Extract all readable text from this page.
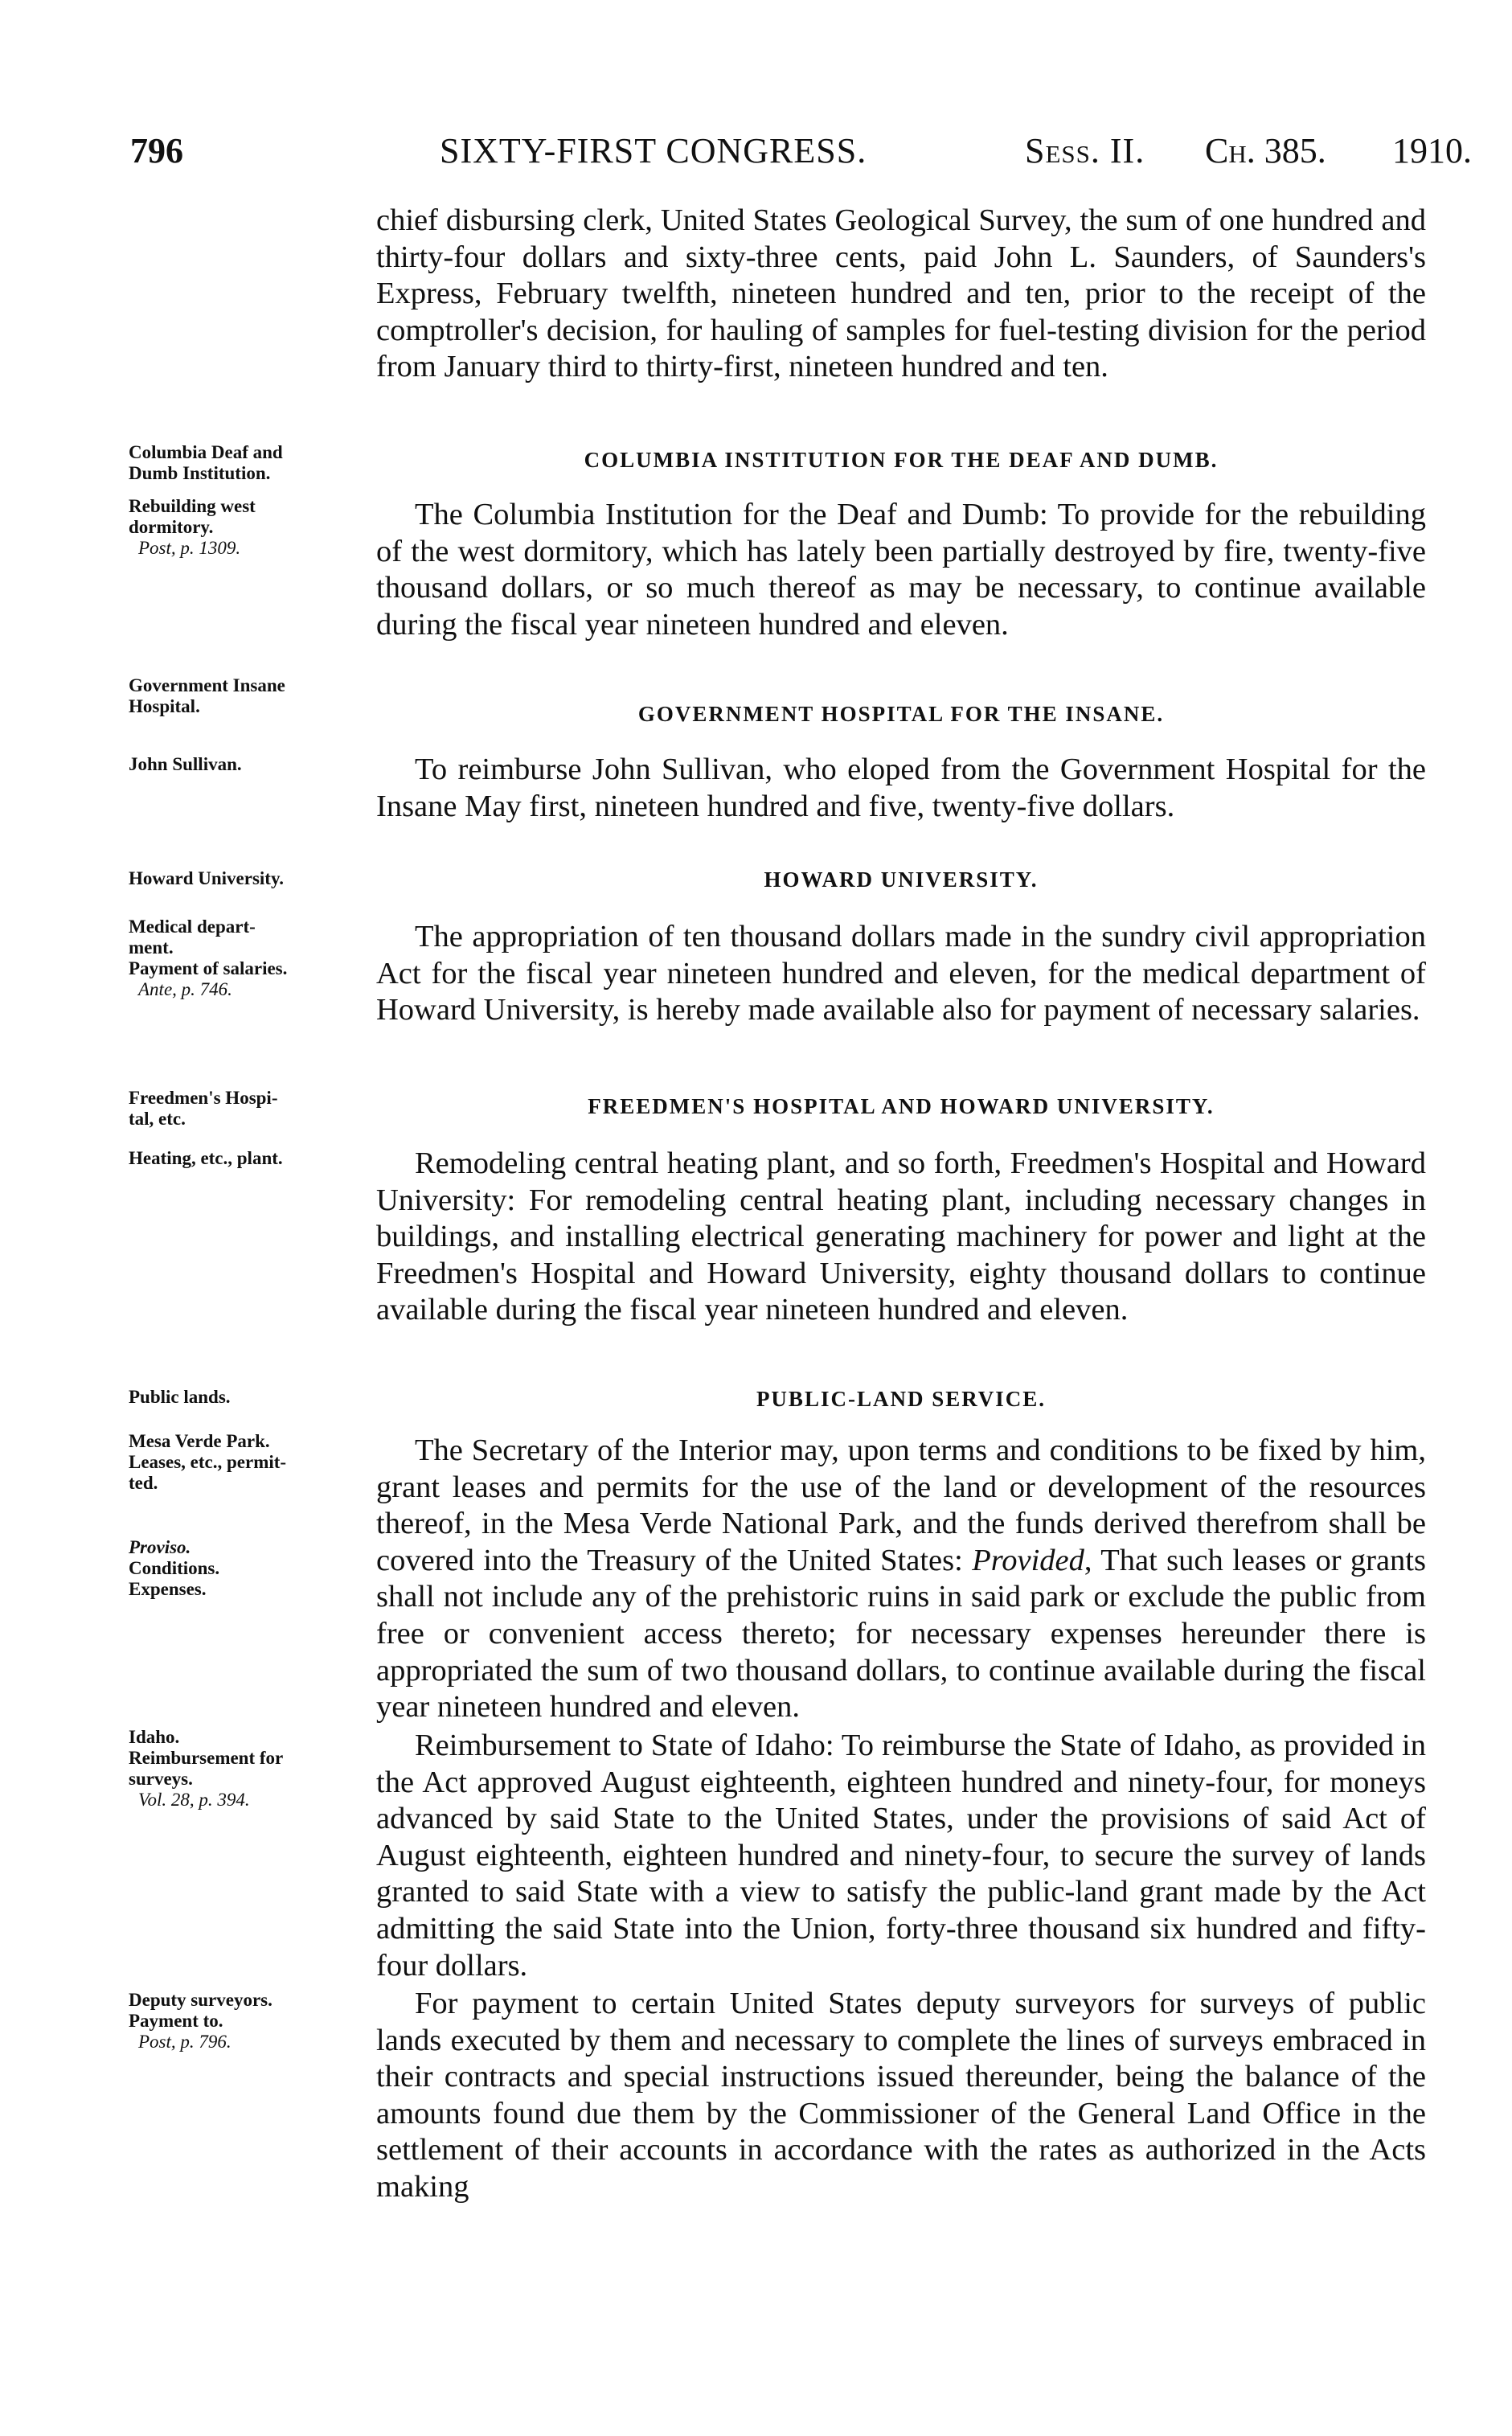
796	SIXTY-FIRST CONGRESS.	Sess. II. Ch. 385. 1910.
chief disbursing clerk, United States Geological Survey, the sum of one hundred and thirty-four dollars and sixty-three cents, paid John L. Saunders, of Saunders's Express, February twelfth, nineteen hundred and ten, prior to the receipt of the comptroller's decision, for hauling of samples for fuel-testing division for the period from January third to thirty-first, nineteen hundred and ten.
Columbia Deaf and
Dumb Institution.
COLUMBIA INSTITUTION FOR THE DEAF AND DUMB.
Rebuilding west
dormitory.
Post, p. 1309.
The Columbia Institution for the Deaf and Dumb: To provide for the rebuilding of the west dormitory, which has lately been partially destroyed by fire, twenty-five thousand dollars, or so much thereof as may be necessary, to continue available during the fiscal year nineteen hundred and eleven.
Government Insane
Hospital.	GOVERNMENT HOSPITAL FOR THE INSANE.
John Sullivan.	To reimburse John Sullivan, who eloped from the Government Hospital for the Insane May first, nineteen hundred and five, twenty-five dollars.
Howard University.	HOWARD UNIVERSITY.
Medical depart-
ment.
Payment of salaries.
Ante, p. 746.
The appropriation of ten thousand dollars made in the sundry civil appropriation Act for the fiscal year nineteen hundred and eleven, for the medical department of Howard University, is hereby made available also for payment of necessary salaries.
Freedmen's Hospi-
tal, etc.
FREEDMEN'S HOSPITAL AND HOWARD UNIVERSITY.
Heating, etc., plant.	Remodeling central heating plant, and so forth, Freedmen's Hospital and Howard University: For remodeling central heating plant, including necessary changes in buildings, and installing electrical generating machinery for power and light at the Freedmen's Hospital and Howard University, eighty thousand dollars to continue available during the fiscal year nineteen hundred and eleven.
Public lands.	PUBLIC-LAND SERVICE.
Mesa Verde Park.
Leases, etc., permit-
ted.
Proviso.
Conditions.
Expenses.
The Secretary of the Interior may, upon terms and conditions to be fixed by him, grant leases and permits for the use of the land or development of the resources thereof, in the Mesa Verde National Park, and the funds derived therefrom shall be covered into the Treasury of the United States: Provided, That such leases or grants shall not include any of the prehistoric ruins in said park or exclude the public from free or convenient access thereto; for necessary expenses hereunder there is appropriated the sum of two thousand dollars, to continue available during the fiscal year nineteen hundred and eleven.
Idaho.
Reimbursement for
surveys.
Vol. 28, p. 394.
Reimbursement to State of Idaho: To reimburse the State of Idaho, as provided in the Act approved August eighteenth, eighteen hundred and ninety-four, for moneys advanced by said State to the United States, under the provisions of said Act of August eighteenth, eighteen hundred and ninety-four, to secure the survey of lands granted to said State with a view to satisfy the public-land grant made by the Act admitting the said State into the Union, forty-three thousand six hundred and fifty-four dollars.
Deputy surveyors.
Payment to.
Post, p. 796.
For payment to certain United States deputy surveyors for surveys of public lands executed by them and necessary to complete the lines of surveys embraced in their contracts and special instructions issued thereunder, being the balance of the amounts found due them by the Commissioner of the General Land Office in the settlement of their accounts in accordance with the rates as authorized in the Acts making
